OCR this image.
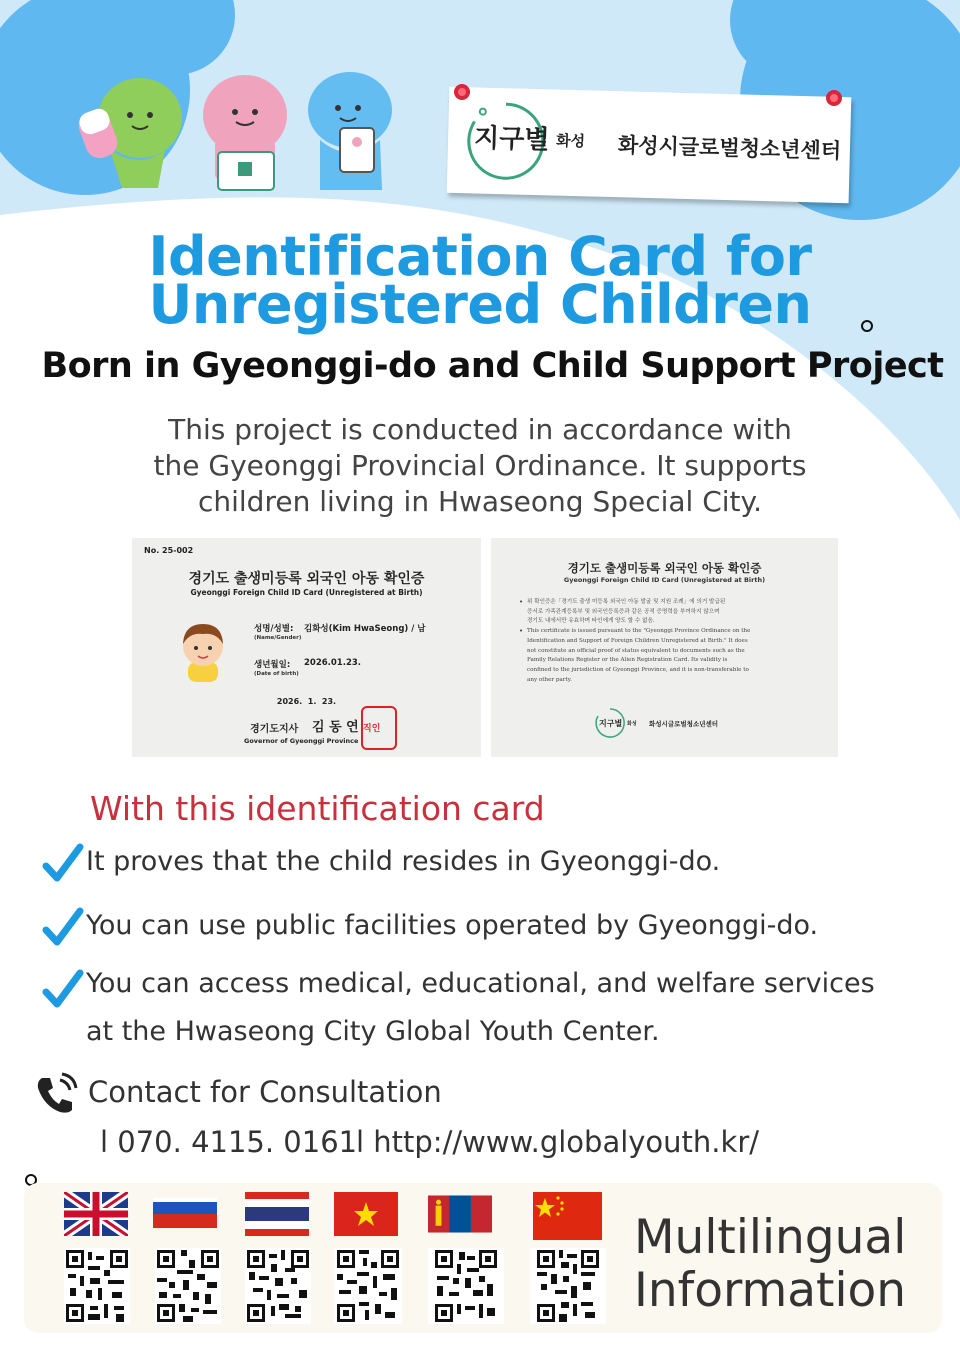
지구별 화성 화성시글로벌청소년센터
Identification Card for
Unregistered Children
Born in Gyeonggi-do and Child Support Project
This project is conducted in accordance with
the Gyeonggi Provincial Ordinance. It supports
children living in Hwaseong Special City.
No. 25-002
경기도 출생미등록 외국인 아동 확인증
Gyeonggi Foreign Child ID Card (Unregistered at Birth)
성명/성별: 김화성(Kim HwaSeong) / 남
(Name/Gender)
생년월일: 2026.01.23.
(Date of birth)
2026.  1.  23.
경기도지사 김 동 연 직인
Governor of Gyeonggi Province
경기도 출생미등록 외국인 아동 확인증
Gyeonggi Foreign Child ID Card (Unregistered at Birth)
위 확인증은「경기도 출생 미등록 외국인 아동 발굴 및 지원 조례」에 의거 발급된
증서로 가족관계등록부 및 외국인등록증과 같은 공적 증명력을 부여하지 않으며
경기도 내에서만 유효하며 타인에게 양도 할 수 없음.
This certificate is issued pursuant to the "Gyeonggi Province Ordinance on the
Identification and Support of Foreign Children Unregistered at Birth." It does
not constitute an official proof of status equivalent to documents such as the
Family Relations Register or the Alien Registration Card. Its validity is
confined to the jurisdiction of Gyeonggi Province, and it is non-transferable to
any other party.
•
•
지구별 화성 화성시글로벌청소년센터
With this identification card
It proves that the child resides in Gyeonggi-do.
You can use public facilities operated by Gyeonggi-do.
You can access medical, educational, and welfare services
at the Hwaseong City Global Youth Center.
Contact for Consultation
l 070. 4115. 0161
l http://www.globalyouth.kr/
Multilingual
Information
